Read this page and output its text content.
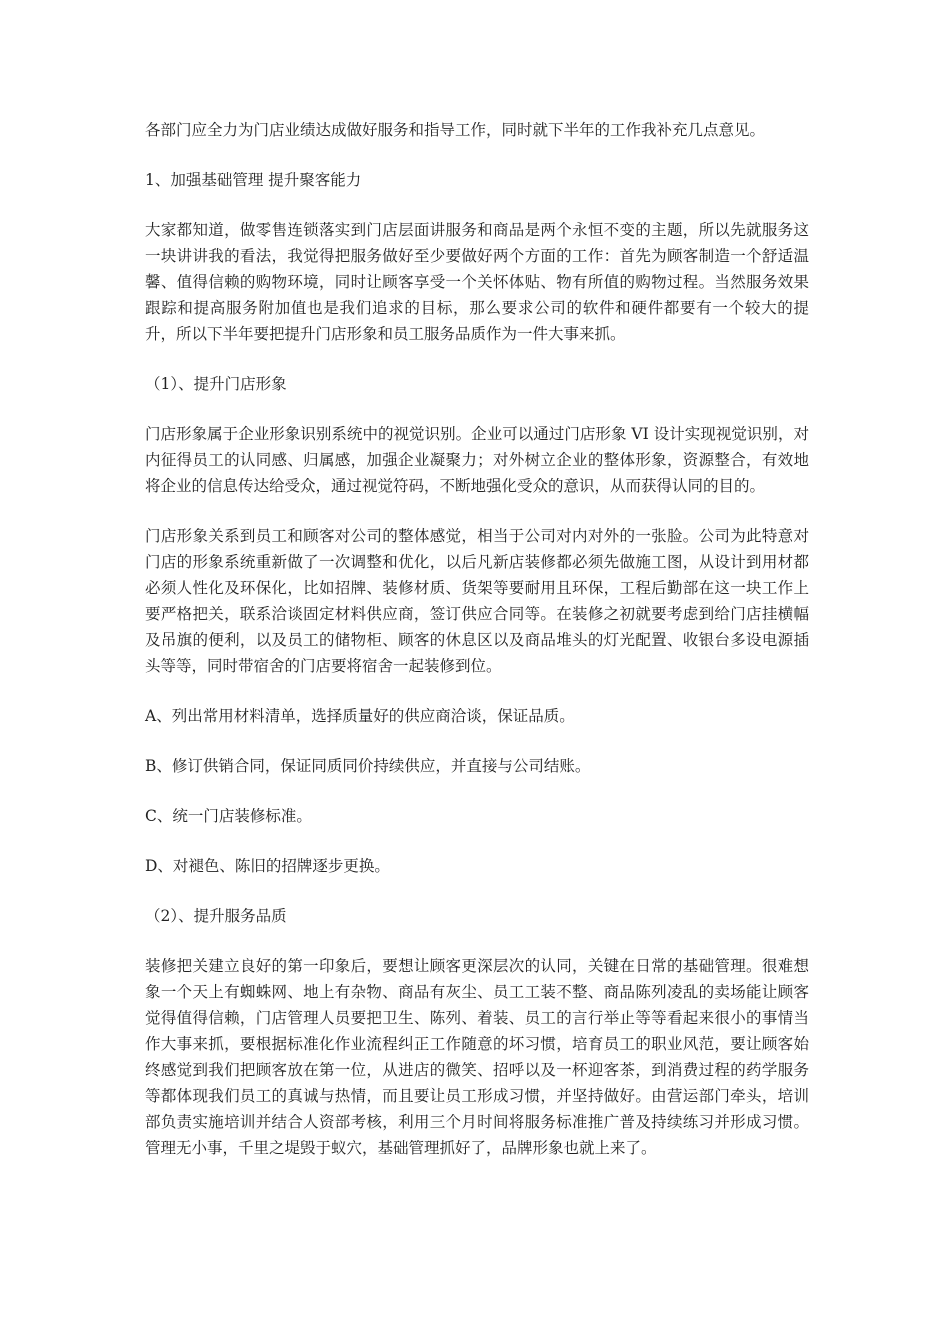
各部门应全力为门店业绩达成做好服务和指导工作，同时就下半年的工作我补充几点意见。

1、加强基础管理 提升聚客能力

大家都知道，做零售连锁落实到门店层面讲服务和商品是两个永恒不变的主题，所以先就服务这一块讲讲我的看法，我觉得把服务做好至少要做好两个方面的工作：首先为顾客制造一个舒适温馨、值得信赖的购物环境，同时让顾客享受一个关怀体贴、物有所值的购物过程。当然服务效果跟踪和提高服务附加值也是我们追求的目标，那么要求公司的软件和硬件都要有一个较大的提升，所以下半年要把提升门店形象和员工服务品质作为一件大事来抓。

（1）、提升门店形象

门店形象属于企业形象识别系统中的视觉识别。企业可以通过门店形象 VI 设计实现视觉识别，对内征得员工的认同感、归属感，加强企业凝聚力；对外树立企业的整体形象，资源整合，有效地将企业的信息传达给受众，通过视觉符码，不断地强化受众的意识，从而获得认同的目的。

门店形象关系到员工和顾客对公司的整体感觉，相当于公司对内对外的一张脸。公司为此特意对门店的形象系统重新做了一次调整和优化，以后凡新店装修都必须先做施工图，从设计到用材都必须人性化及环保化，比如招牌、装修材质、货架等要耐用且环保，工程后勤部在这一块工作上要严格把关，联系洽谈固定材料供应商，签订供应合同等。在装修之初就要考虑到给门店挂横幅及吊旗的便利，以及员工的储物柜、顾客的休息区以及商品堆头的灯光配置、收银台多设电源插头等等，同时带宿舍的门店要将宿舍一起装修到位。

A、列出常用材料清单，选择质量好的供应商洽谈，保证品质。

B、修订供销合同，保证同质同价持续供应，并直接与公司结账。

C、统一门店装修标准。

D、对褪色、陈旧的招牌逐步更换。

（2）、提升服务品质

装修把关建立良好的第一印象后，要想让顾客更深层次的认同，关键在日常的基础管理。很难想象一个天上有蜘蛛网、地上有杂物、商品有灰尘、员工工装不整、商品陈列凌乱的卖场能让顾客觉得值得信赖，门店管理人员要把卫生、陈列、着装、员工的言行举止等等看起来很小的事情当作大事来抓，要根据标准化作业流程纠正工作随意的坏习惯，培育员工的职业风范，要让顾客始终感觉到我们把顾客放在第一位，从进店的微笑、招呼以及一杯迎客茶，到消费过程的药学服务等都体现我们员工的真诚与热情，而且要让员工形成习惯，并坚持做好。由营运部门牵头，培训部负责实施培训并结合人资部考核，利用三个月时间将服务标准推广普及持续练习并形成习惯。管理无小事，千里之堤毁于蚁穴，基础管理抓好了，品牌形象也就上来了。
